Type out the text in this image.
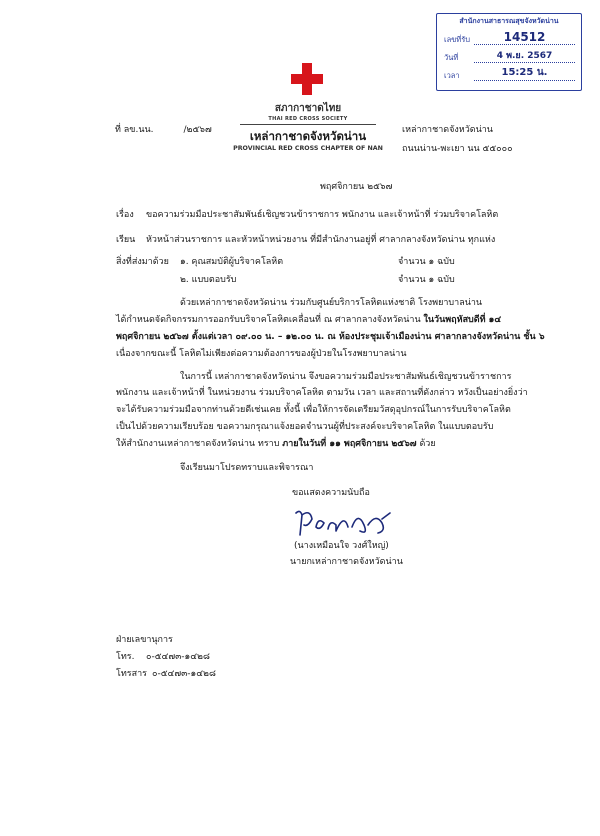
สำนักงานสาธารณสุขจังหวัดน่าน
เลขที่รับ	14512
วันที่	4 พ.ย. 2567
เวลา	15:25 น.
สภากาชาดไทย
THAI RED CROSS SOCIETY
เหล่ากาชาดจังหวัดน่าน
PROVINCIAL RED CROSS CHAPTER OF NAN
ที่ ลข.นน.	/๒๕๖๗	เหล่ากาชาดจังหวัดน่าน
ถนนน่าน-พะเยา นน ๕๕๐๐๐
พฤศจิกายน ๒๕๖๗
เรื่อง ขอความร่วมมือประชาสัมพันธ์เชิญชวนข้าราชการ พนักงาน และเจ้าหน้าที่ ร่วมบริจาคโลหิต
เรียน หัวหน้าส่วนราชการ และหัวหน้าหน่วยงาน ที่มีสำนักงานอยู่ที่ ศาลากลางจังหวัดน่าน ทุกแห่ง
สิ่งที่ส่งมาด้วย ๑. คุณสมบัติผู้บริจาคโลหิต	จำนวน ๑ ฉบับ
๒. แบบตอบรับ	จำนวน ๑ ฉบับ
ด้วยเหล่ากาชาดจังหวัดน่าน ร่วมกับศูนย์บริการโลหิตแห่งชาติ โรงพยาบาลน่าน
ได้กำหนดจัดกิจกรรมการออกรับบริจาคโลหิตเคลื่อนที่ ณ ศาลากลางจังหวัดน่าน ในวันพฤหัสบดีที่ ๑๔
พฤศจิกายน ๒๕๖๗ ตั้งแต่เวลา ๐๙.๐๐ น. – ๑๒.๐๐ น. ณ ห้องประชุมเจ้าเมืองน่าน ศาลากลางจังหวัดน่าน ชั้น ๖
เนื่องจากขณะนี้ โลหิตไม่เพียงต่อความต้องการของผู้ป่วยในโรงพยาบาลน่าน
ในการนี้ เหล่ากาชาดจังหวัดน่าน จึงขอความร่วมมือประชาสัมพันธ์เชิญชวนข้าราชการ
พนักงาน และเจ้าหน้าที่ ในหน่วยงาน ร่วมบริจาคโลหิต ตามวัน เวลา และสถานที่ดังกล่าว หวังเป็นอย่างยิ่งว่า
จะได้รับความร่วมมือจากท่านด้วยดีเช่นเคย ทั้งนี้ เพื่อให้การจัดเตรียมวัสดุอุปกรณ์ในการรับบริจาคโลหิต
เป็นไปด้วยความเรียบร้อย ขอความกรุณาแจ้งยอดจำนวนผู้ที่ประสงค์จะบริจาคโลหิต ในแบบตอบรับ
ให้สำนักงานเหล่ากาชาดจังหวัดน่าน ทราบ ภายในวันที่ ๑๑ พฤศจิกายน ๒๕๖๗ ด้วย
จึงเรียนมาโปรดทราบและพิจารณา
ขอแสดงความนับถือ
(นางเหมือนใจ วงศ์ใหญ่)
นายกเหล่ากาชาดจังหวัดน่าน
ฝ่ายเลขานุการ
โทร. ๐-๕๔๗๓-๑๔๒๘
โทรสาร ๐-๕๔๗๓-๑๔๒๘
